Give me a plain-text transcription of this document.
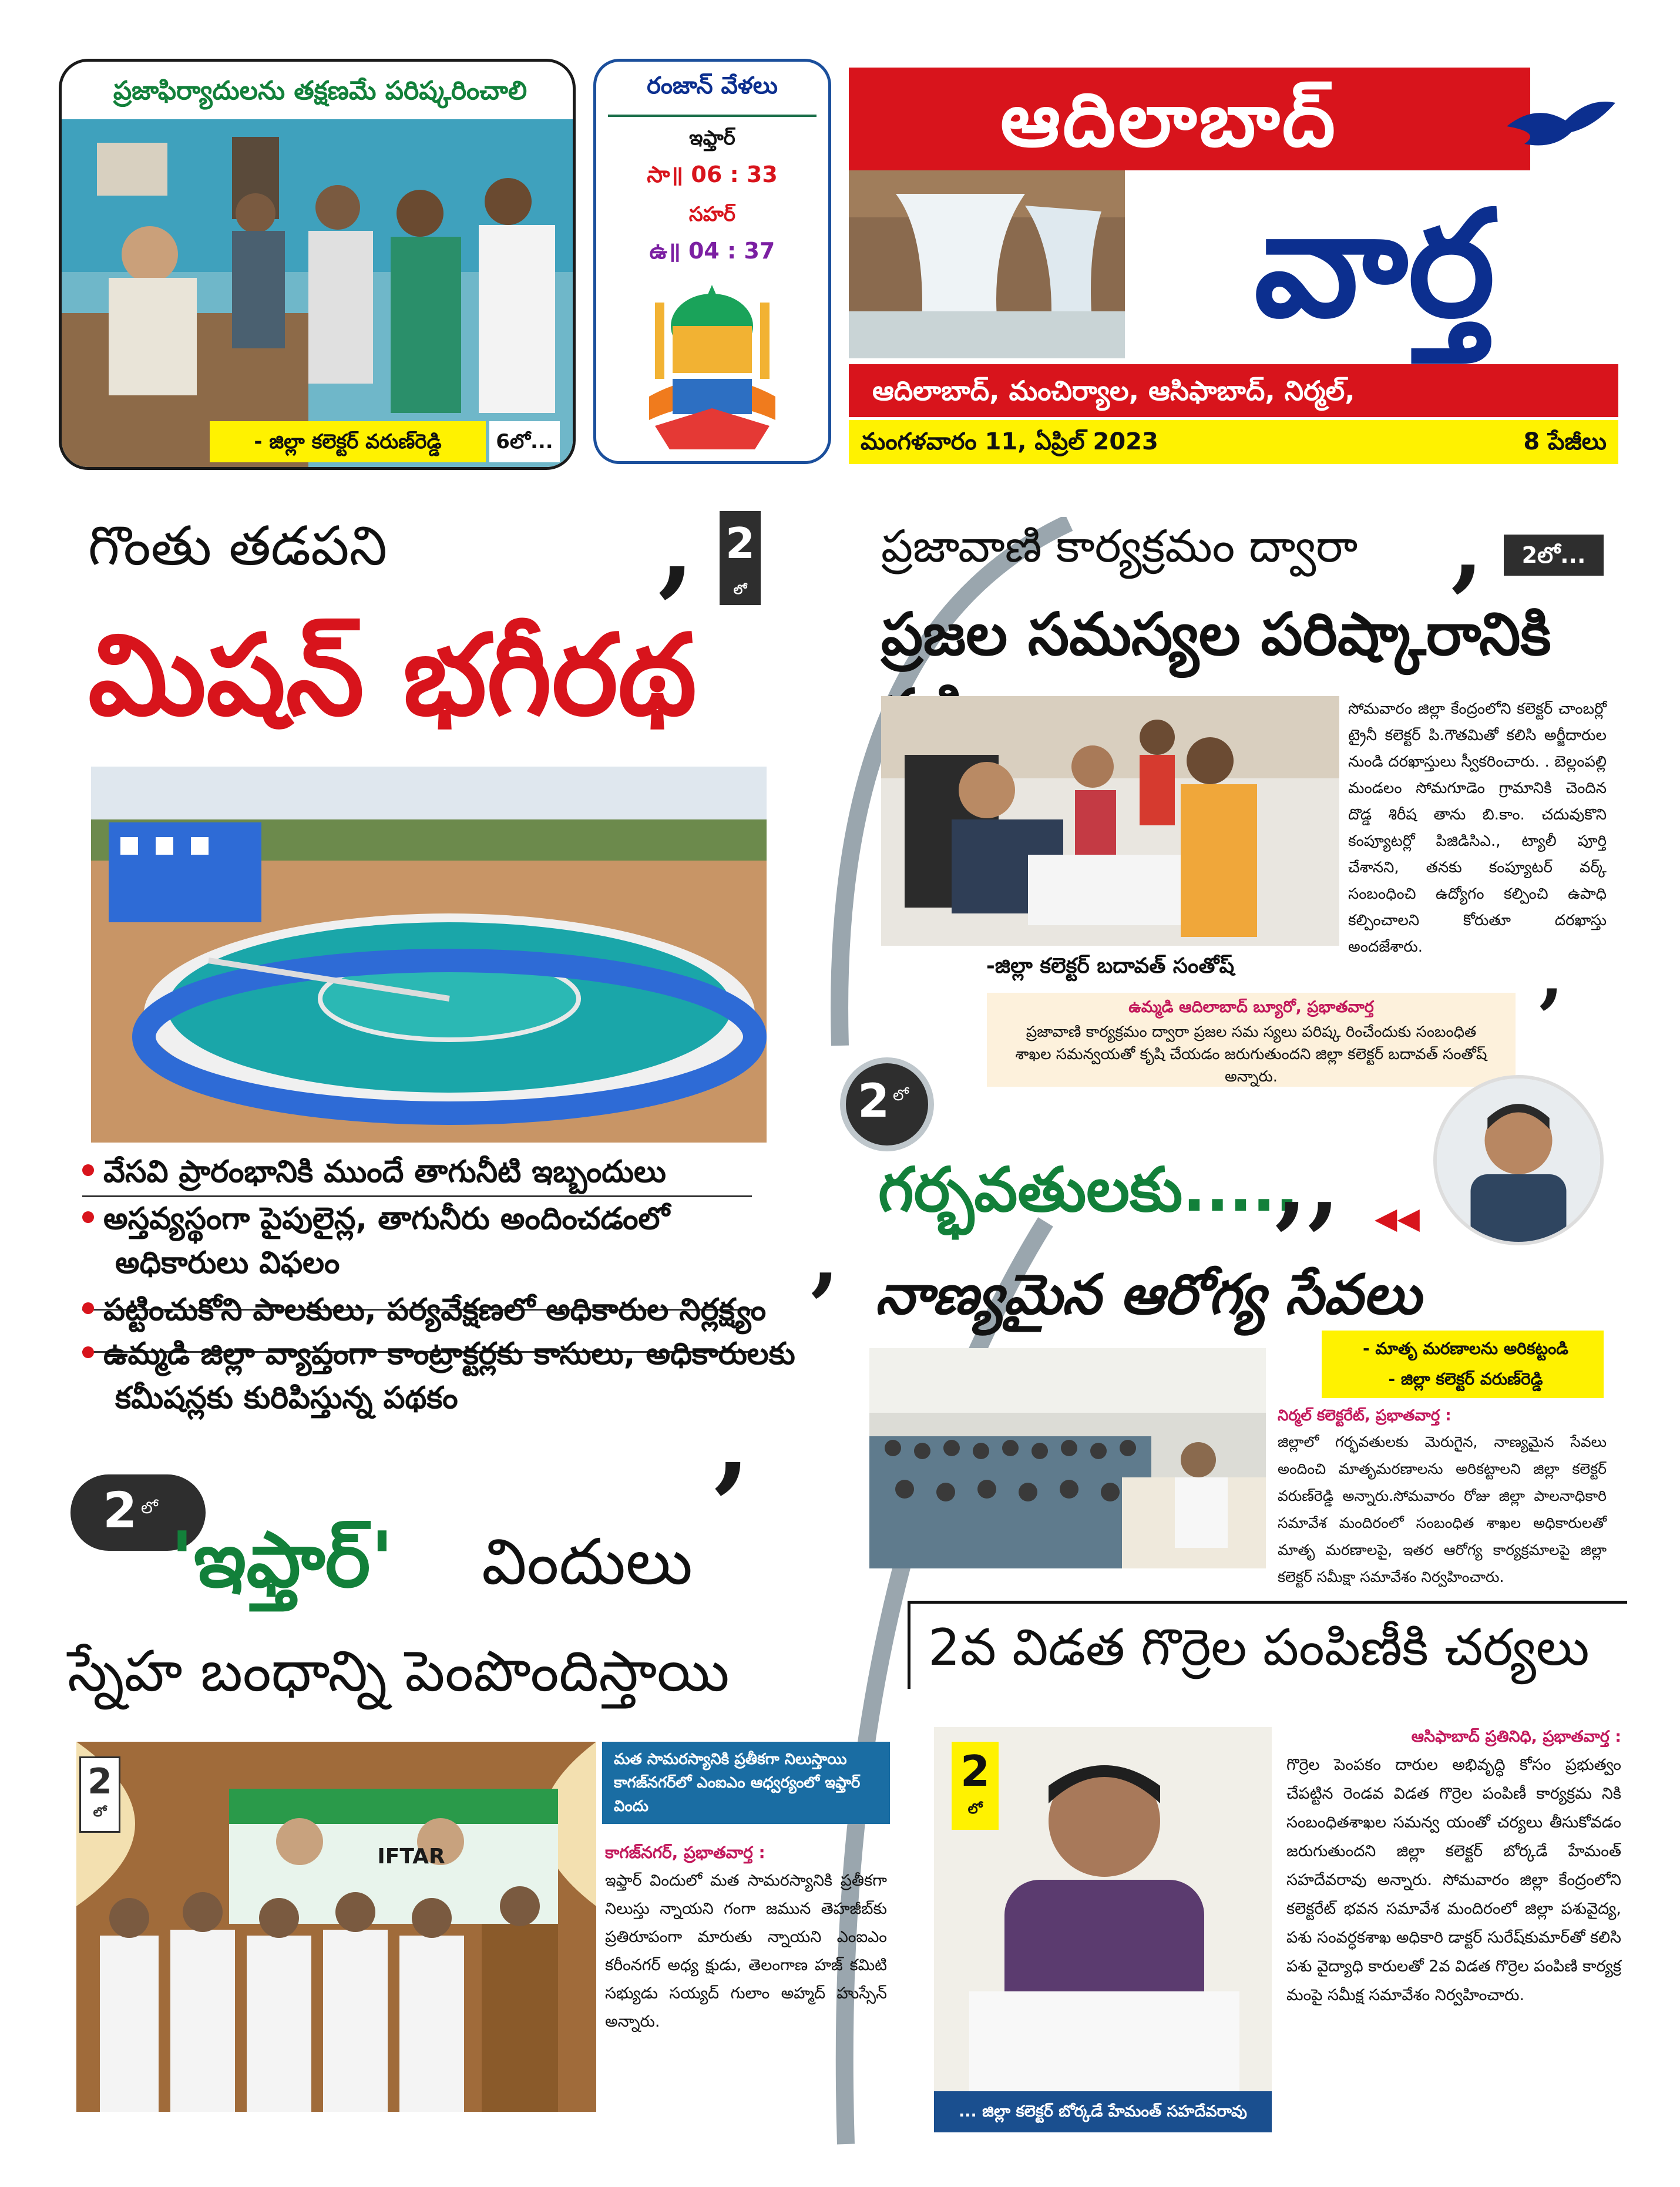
ప్రజాఫిర్యాదులను తక్షణమే పరిష్కరించాలి
- జిల్లా కలెక్టర్ వరుణ్‌రెడ్డి	6లో...
రంజాన్ వేళలు
ఇఫ్తార్
సా॥ 06 : 33
సహర్
ఉ॥ 04 : 37
ఆదిలాబాద్
వార్త
ఆదిలాబాద్, మంచిర్యాల, ఆసిఫాబాద్, నిర్మల్,
మంగళవారం 11, ఏప్రిల్ 2023	8 పేజీలు
గొంతు తడపని	, 2
లో
మిషన్ భగీరథ
వేసవి ప్రారంభానికి ముందే తాగునీటి ఇబ్బందులు
అస్తవ్యస్థంగా పైపులైన్ల, తాగునీరు అందించడంలో
అధికారులు విఫలం
పట్టించుకోని పాలకులు, పర్యవేక్షణలో అధికారుల నిర్లక్ష్యం
ఉమ్మడి జిల్లా వ్యాప్తంగా కాంట్రాక్టర్లకు కాసులు, అధికారులకు
కమీషన్లకు కురిపిస్తున్న పథకం ,
ప్రజావాణి కార్యక్రమం ద్వారా ,	2లో...
ప్రజల సమస్యల పరిష్కారానికి
-జిల్లా కలెక్టర్ బదావత్ సంతోష్
సోమవారం జిల్లా కేంద్రంలోని కలెక్టర్ చాంబర్లో ట్రైనీ కలెక్టర్ పి.గౌతమితో కలిసి అర్జీదారుల నుండి దరఖాస్తులు స్వీకరించారు. . బెల్లంపల్లి మండలం సోమగూడెం గ్రామానికి చెందిన దొడ్డ శిరీష తాను బి.కాం. చదువుకొని కంప్యూటర్లో పిజిడిసిఎ., ట్యాలీ పూర్తి చేశానని, తనకు కంప్యూటర్ వర్క్ సంబంధించి ఉద్యోగం కల్పించి ఉపాధి కల్పించాలని కోరుతూ దరఖాస్తు అందజేశారు.	,
ఉమ్మడి ఆదిలాబాద్ బ్యూరో, ప్రభాతవార్త
ప్రజావాణి కార్యక్రమం ద్వారా ప్రజల సమ స్యలు పరిష్క రించేందుకు సంబంధిత శాఖల సమన్వయతో కృషి చేయడం జరుగుతుందని జిల్లా కలెక్టర్ బదావత్ సంతోష్ అన్నారు.
2 లో
గర్భవతులకు.....
,, ◀◀
, నాణ్యమైన ఆరోగ్య సేవలు
- మాతృ మరణాలను అరికట్టండి
- జిల్లా కలెక్టర్ వరుణ్‌రెడ్డి
నిర్మల్ కలెక్టరేట్, ప్రభాతవార్త :
జిల్లాలో గర్భవతులకు మెరుగైన, నాణ్యమైన సేవలు అందించి మాతృమరణాలను అరికట్టాలని జిల్లా కలెక్టర్ వరుణ్‌రెడ్డి అన్నారు.సోమవారం రోజు జిల్లా పాలనాధికారి సమావేశ మందిరంలో సంబంధిత శాఖల అధికారులతో మాతృ మరణాలపై, ఇతర ఆరోగ్య కార్యక్రమాలపై జిల్లా కలెక్టర్ సమీక్షా సమావేశం నిర్వహించారు.
2 లో
'ఇఫ్తార్'	విందులు
స్నేహ బంధాన్ని పెంపొందిస్తాయి
IFTAR
2
లో
మత సామరస్యానికి ప్రతీకగా నిలుస్తాయి కాగజ్‌నగర్‌లో ఎంఐఎం ఆధ్వర్యంలో ఇఫ్తార్ విందు
కాగజ్‌నగర్, ప్రభాతవార్త :
ఇఫ్తార్ విందులో మత సామరస్యానికి ప్రతీకగా నిలుస్తు న్నాయని గంగా జమున తెహజీబ్‌కు ప్రతిరూపంగా మారుతు న్నాయని ఎంఐఎం కరీంనగర్ అధ్య క్షుడు, తెలంగాణ హజ్ కమిటి సభ్యుడు సయ్యద్ గులాం అహ్మద్ హుస్సేన్ అన్నారు.
2వ విడత గొర్రెల పంపిణీకి చర్యలు
2
లో
... జిల్లా కలెక్టర్ బోర్కడే హేమంత్ సహదేవరావు
ఆసిఫాబాద్ ప్రతినిధి, ప్రభాతవార్త :
గొర్రెల పెంపకం దారుల అభివృద్ధి కోసం ప్రభుత్వం చేపట్టిన రెండవ విడత గొర్రెల పంపిణీ కార్యక్రమ నికి సంబంధితశాఖల సమన్వ యంతో చర్యలు తీసుకోవడం జరుగుతుందని జిల్లా కలెక్టర్ బోర్కడే హేమంత్ సహదేవరావు అన్నారు. సోమవారం జిల్లా కేంద్రంలోని కలెక్టరేట్ భవన సమావేశ మందిరంలో జిల్లా పశువైద్య, పశు సంవర్ధకశాఖ అధికారి డాక్టర్ సురేష్‌కుమార్‌తో కలిసి పశు వైద్యాధి కారులతో 2వ విడత గొర్రెల పంపిణి కార్యక్ర మంపై సమీక్ష సమావేశం నిర్వహించారు.
